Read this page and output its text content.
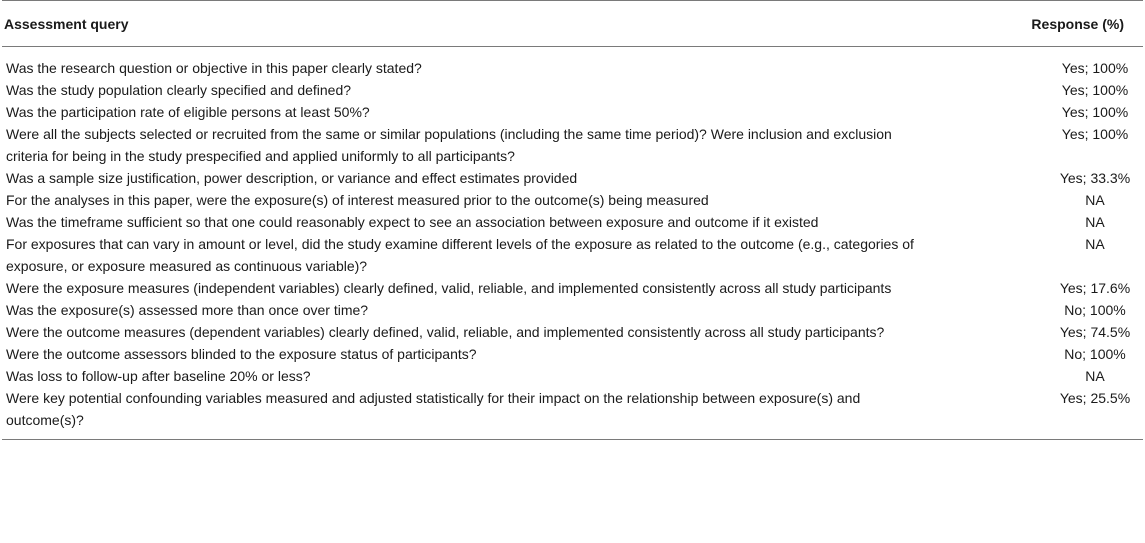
Assessment query	Response (%)
Was the research question or objective in this paper clearly stated?	Yes; 100%
Was the study population clearly specified and defined?	Yes; 100%
Was the participation rate of eligible persons at least 50%?	Yes; 100%
Were all the subjects selected or recruited from the same or similar populations (including the same time period)? Were inclusion and exclusion criteria for being in the study prespecified and applied uniformly to all participants?	Yes; 100%
Was a sample size justification, power description, or variance and effect estimates provided	Yes; 33.3%
For the analyses in this paper, were the exposure(s) of interest measured prior to the outcome(s) being measured	NA
Was the timeframe sufficient so that one could reasonably expect to see an association between exposure and outcome if it existed	NA
For exposures that can vary in amount or level, did the study examine different levels of the exposure as related to the outcome (e.g., categories of exposure, or exposure measured as continuous variable)?	NA
Were the exposure measures (independent variables) clearly defined, valid, reliable, and implemented consistently across all study participants	Yes; 17.6%
Was the exposure(s) assessed more than once over time?	No; 100%
Were the outcome measures (dependent variables) clearly defined, valid, reliable, and implemented consistently across all study participants?	Yes; 74.5%
Were the outcome assessors blinded to the exposure status of participants?	No; 100%
Was loss to follow-up after baseline 20% or less?	NA
Were key potential confounding variables measured and adjusted statistically for their impact on the relationship between exposure(s) and outcome(s)?	Yes; 25.5%
